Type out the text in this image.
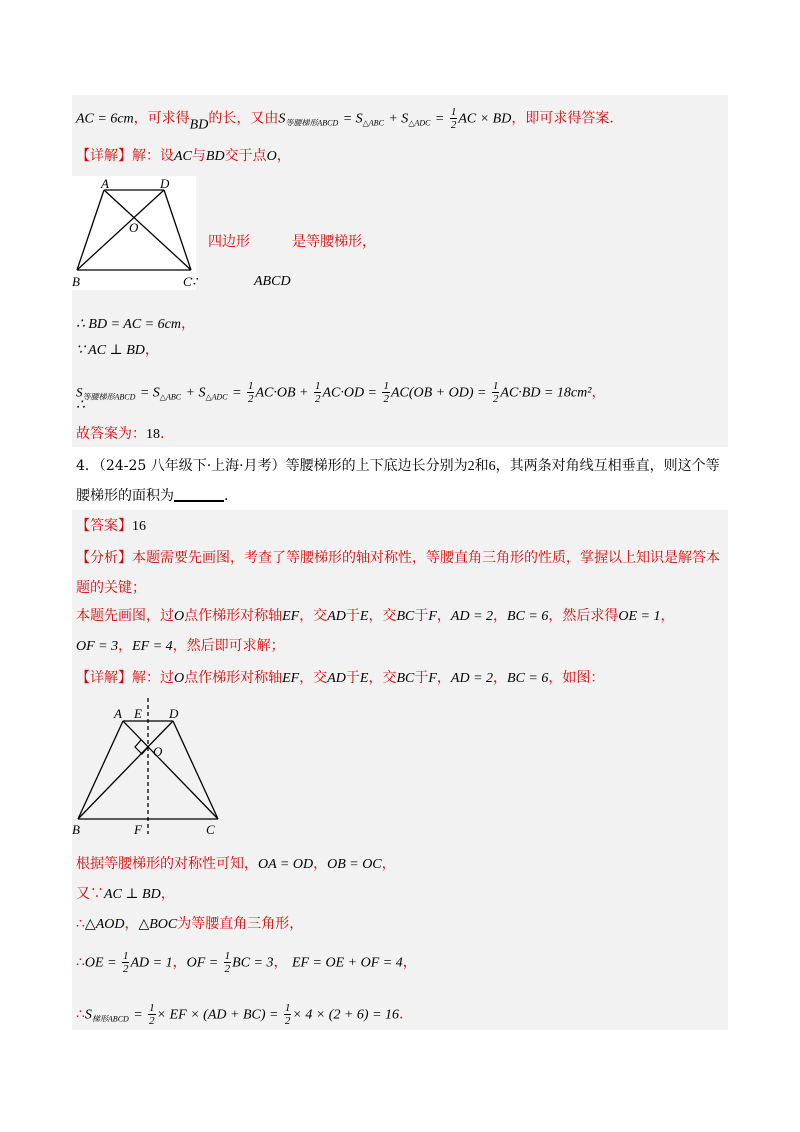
AC = 6cm，可求得BD的长，又由$S_{等腰梯形ABCD} = S_{\triangle ABC} + S_{\triangle ADC} = \frac{1}{2}$ AC × BD，即可求得答案.
【详解】解：设AC与BD交于点O，
A	D
B	C
O
四边形	是等腰梯形，
∵	ABCD
∴ BD = AC = 6cm，
∵ AC ⊥ BD，
$S_{等腰梯形ABCD} = S_{\triangle ABC} + S_{\triangle ADC} = \frac{1}{2} AC\cdot OB + \frac{1}{2} AC\cdot OD = \frac{1}{2} AC(OB + OD) = \frac{1}{2} AC\cdot BD = 18cm^2$，
∴
故答案为：18.
4．（24-25 八年级下·上海·月考）等腰梯形的上下底边长分别为2和6，其两条对角线互相垂直，则这个等
腰梯形的面积为	.
【答案】16
【分析】本题需要先画图，考查了等腰梯形的轴对称性，等腰直角三角形的性质，掌握以上知识是解答本
题的关键；
本题先画图，过O点作梯形对称轴EF，交AD于E，交BC于F，AD = 2，BC = 6，然后求得OE = 1，
OF = 3，EF = 4，然后即可求解；
【详解】解：过O点作梯形对称轴EF，交AD于E，交BC于F，AD = 2，BC = 6，如图：
A E D
O
B	F	C
根据等腰梯形的对称性可知，OA = OD，OB = OC，
又∵AC ⊥ BD，
∴△AOD，△BOC为等腰直角三角形，
∴OE = $\frac{1}{2}$ AD = 1，OF = $\frac{1}{2}$ BC = 3， EF = OE + OF = 4，
$\therefore S_{梯形ABCD} = \frac{1}{2}$ × EF × $(AD + BC) = \frac{1}{2} \times 4 \times (2 + 6) = 16$.
